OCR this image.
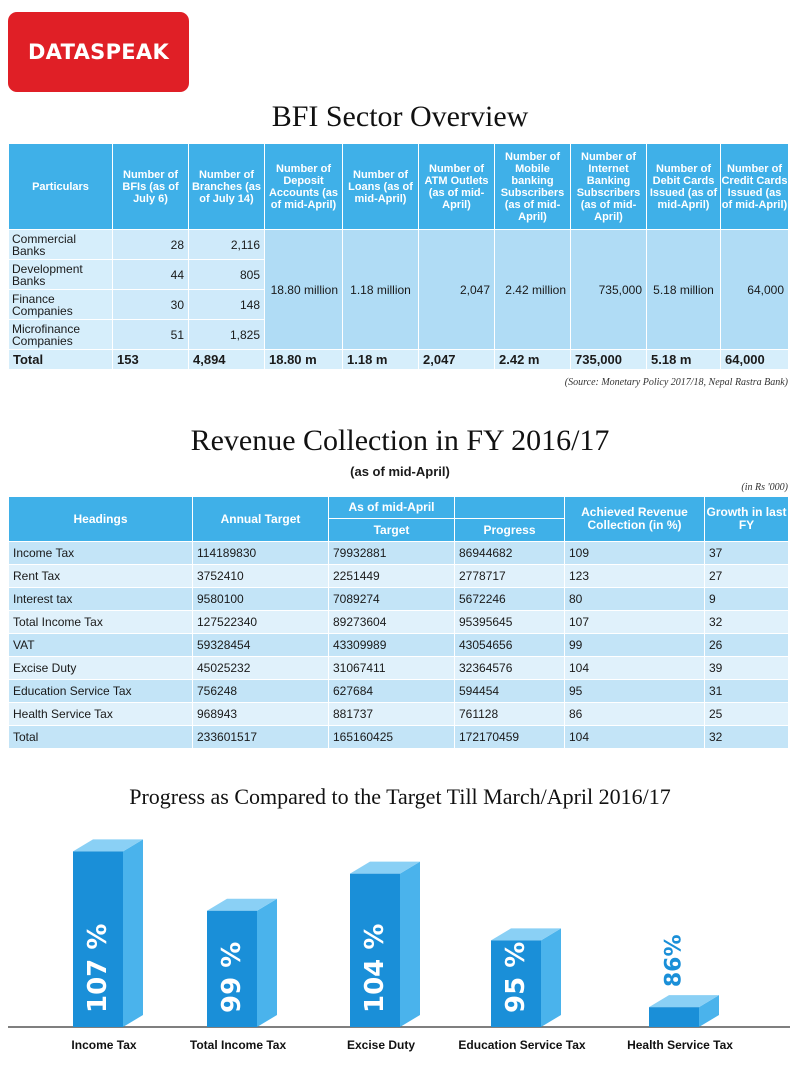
DATASPEAK
BFI Sector Overview
Particulars	Number of BFIs (as of July 6)	Number of Branches (as of July 14)	Number of Deposit Accounts (as of mid-April)	Number of Loans (as of mid-April)	Number of ATM Outlets (as of mid-April)	Number of Mobile banking Subscribers (as of mid-April)	Number of Internet Banking Subscribers (as of mid-April)	Number of Debit Cards Issued (as of mid-April)	Number of Credit Cards Issued (as of mid-April)
Commercial Banks	28	2,116	18.80 million	1.18 million	2,047	2.42 million	735,000	5.18 million	64,000
Development Banks	44	805							
Finance Companies	30	148							
Microfinance Companies	51	1,825							
Total	153	4,894	18.80 m	1.18 m	2,047	2.42 m	735,000	5.18 m	64,000
(Source: Monetary Policy 2017/18, Nepal Rastra Bank)
Revenue Collection in FY 2016/17
(as of mid-April)
(in Rs '000)
Headings	Annual Target	As of mid-April		Achieved Revenue Collection (in %)	Growth in last FY
		Target	Progress		
Income Tax	114189830	79932881	86944682	109	37
Rent Tax	3752410	2251449	2778717	123	27
Interest tax	9580100	7089274	5672246	80	9
Total Income Tax	127522340	89273604	95395645	107	32
VAT	59328454	43309989	43054656	99	26
Excise Duty	45025232	31067411	32364576	104	39
Education Service Tax	756248	627684	594454	95	31
Health Service Tax	968943	881737	761128	86	25
Total	233601517	165160425	172170459	104	32
Progress as Compared to the Target Till March/April 2016/17
107 %
Income Tax
99 %
Total Income Tax
104 %
Excise Duty
95 %
Education Service Tax
86%
Health Service Tax
